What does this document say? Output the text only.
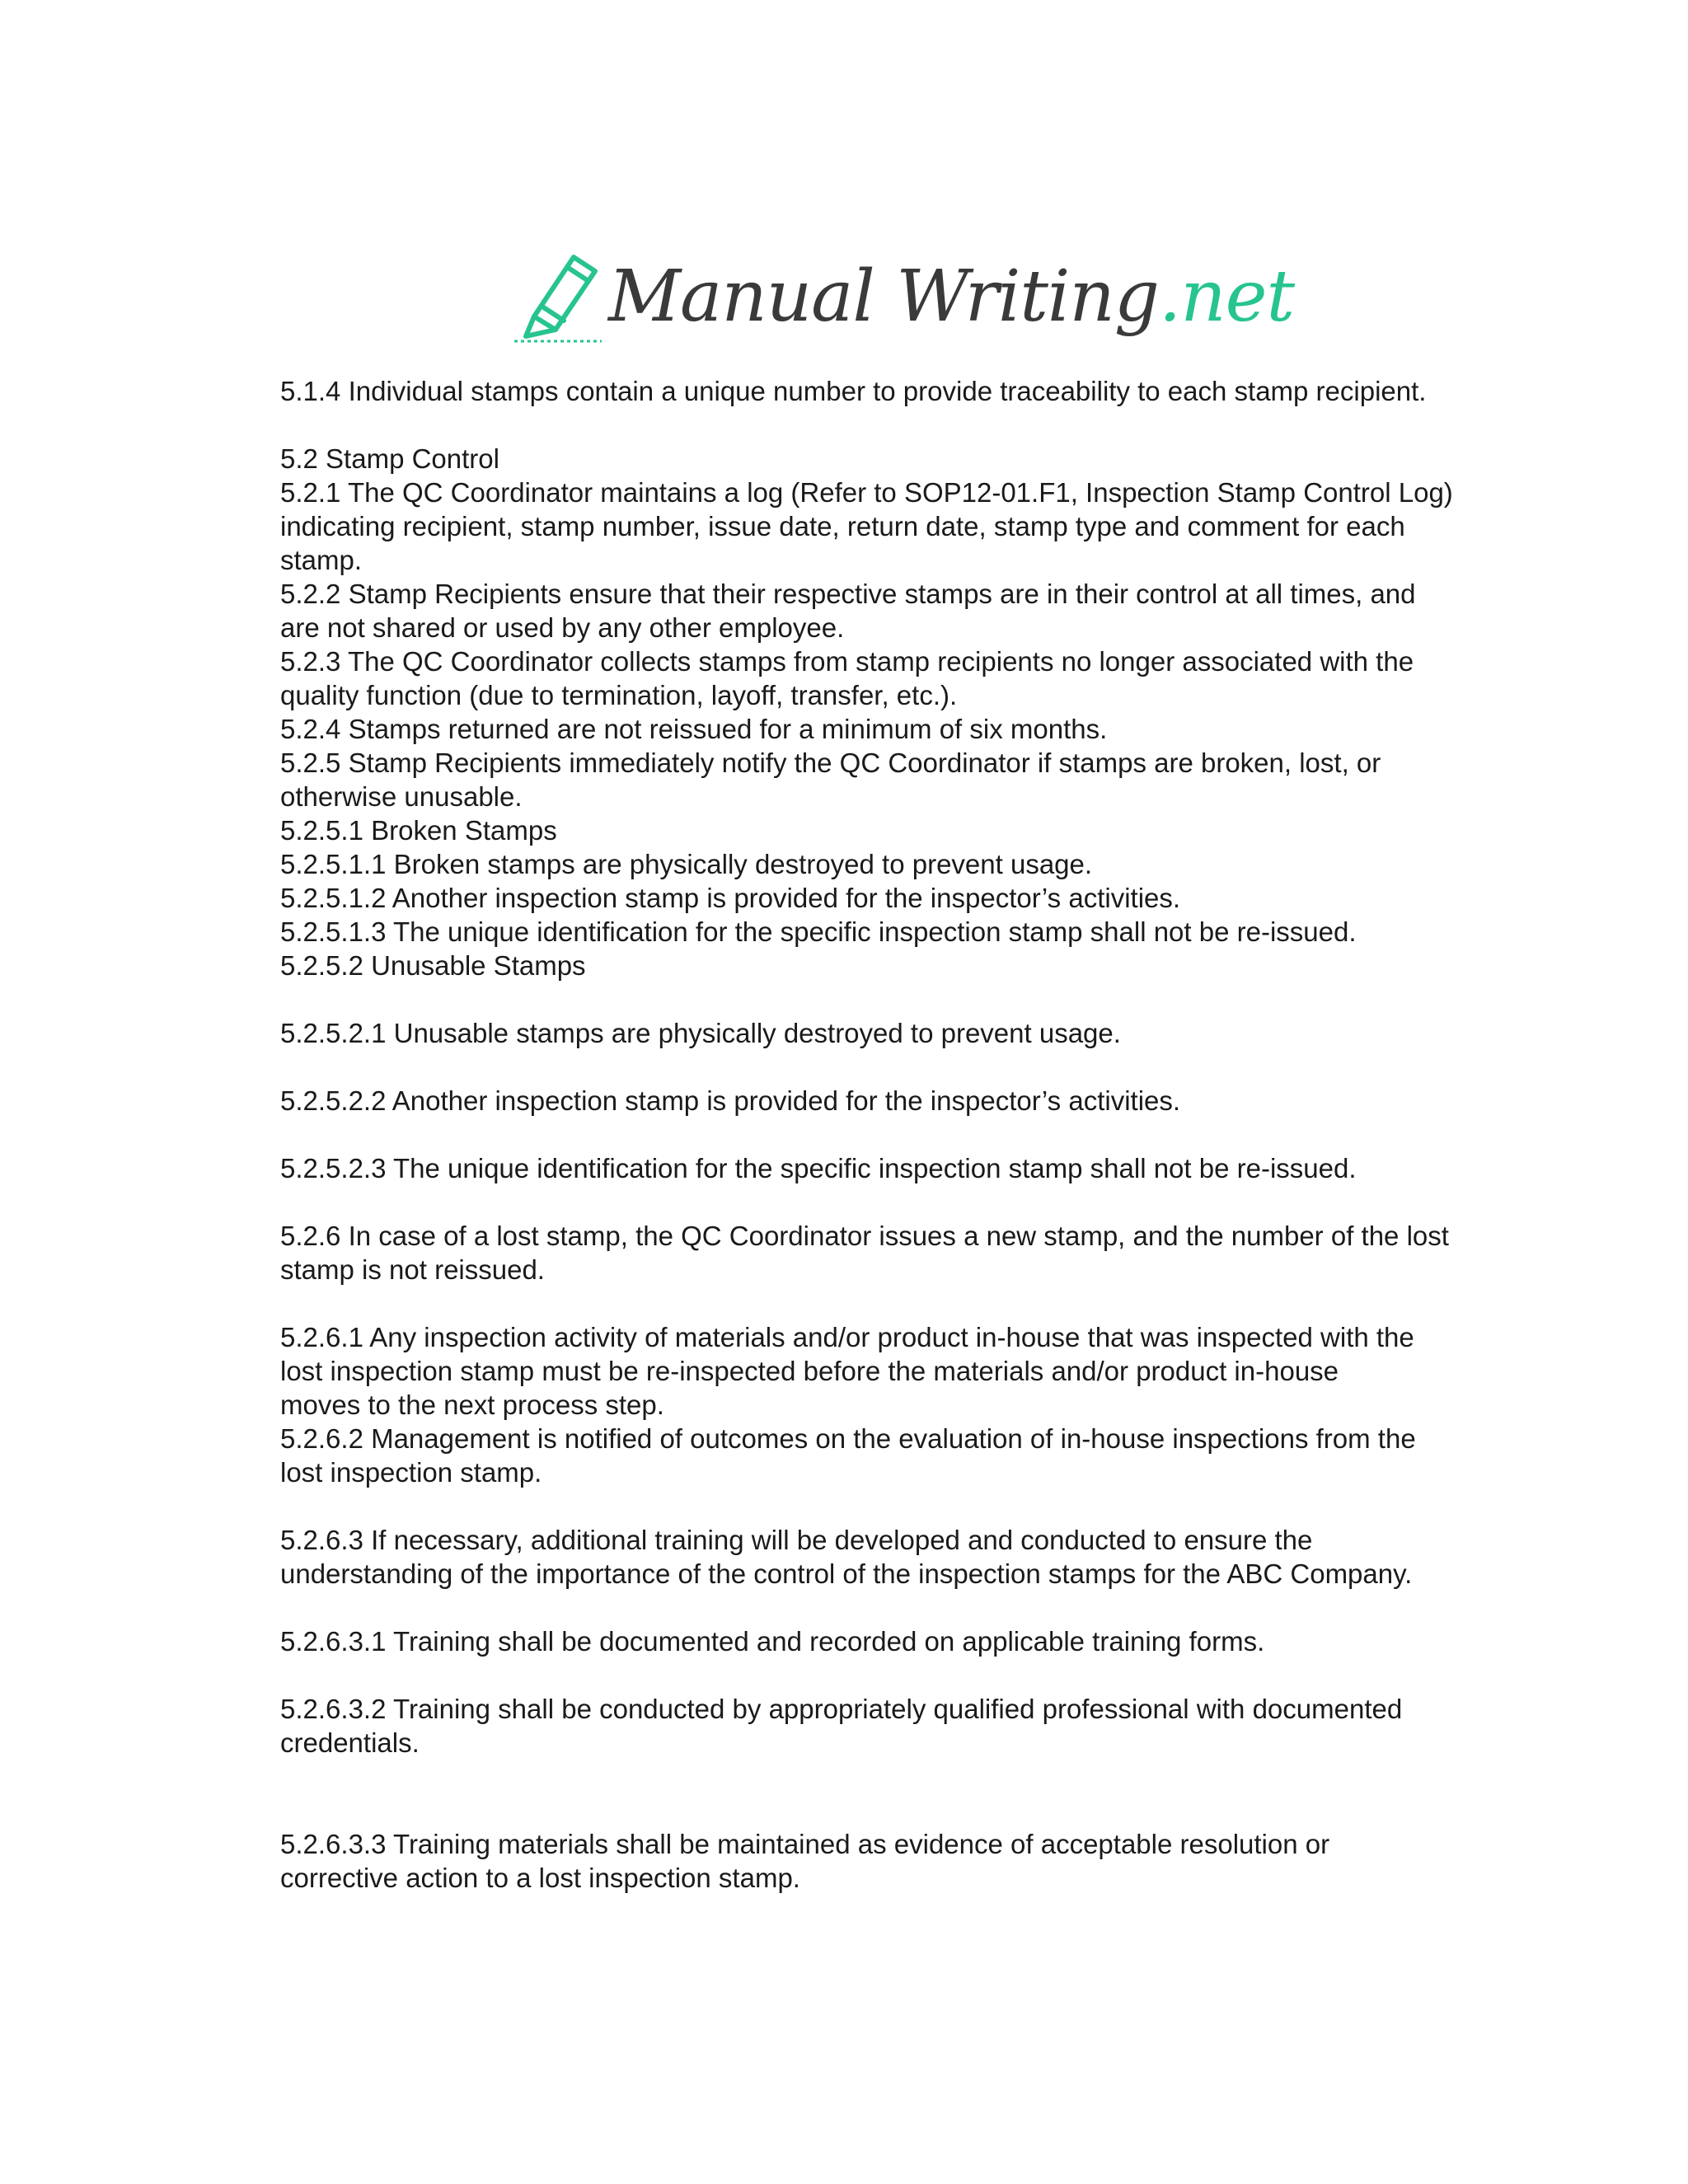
Manual Writing.net

5.1.4 Individual stamps contain a unique number to provide traceability to each stamp recipient.

5.2 Stamp Control

5.2.1 The QC Coordinator maintains a log (Refer to SOP12-01.F1, Inspection Stamp Control Log)

indicating recipient, stamp number, issue date, return date, stamp type and comment for each

stamp.

5.2.2 Stamp Recipients ensure that their respective stamps are in their control at all times, and

are not shared or used by any other employee.

5.2.3 The QC Coordinator collects stamps from stamp recipients no longer associated with the

quality function (due to termination, layoff, transfer, etc.).

5.2.4 Stamps returned are not reissued for a minimum of six months.

5.2.5 Stamp Recipients immediately notify the QC Coordinator if stamps are broken, lost, or

otherwise unusable.

5.2.5.1 Broken Stamps

5.2.5.1.1 Broken stamps are physically destroyed to prevent usage.

5.2.5.1.2 Another inspection stamp is provided for the inspector’s activities.

5.2.5.1.3 The unique identification for the specific inspection stamp shall not be re-issued.

5.2.5.2 Unusable Stamps

5.2.5.2.1 Unusable stamps are physically destroyed to prevent usage.

5.2.5.2.2 Another inspection stamp is provided for the inspector’s activities.

5.2.5.2.3 The unique identification for the specific inspection stamp shall not be re-issued.

5.2.6 In case of a lost stamp, the QC Coordinator issues a new stamp, and the number of the lost

stamp is not reissued.

5.2.6.1 Any inspection activity of materials and/or product in-house that was inspected with the

lost inspection stamp must be re-inspected before the materials and/or product in-house

moves to the next process step.

5.2.6.2 Management is notified of outcomes on the evaluation of in-house inspections from the

lost inspection stamp.

5.2.6.3 If necessary, additional training will be developed and conducted to ensure the

understanding of the importance of the control of the inspection stamps for the ABC Company.

5.2.6.3.1 Training shall be documented and recorded on applicable training forms.

5.2.6.3.2 Training shall be conducted by appropriately qualified professional with documented

credentials.

5.2.6.3.3 Training materials shall be maintained as evidence of acceptable resolution or

corrective action to a lost inspection stamp.
